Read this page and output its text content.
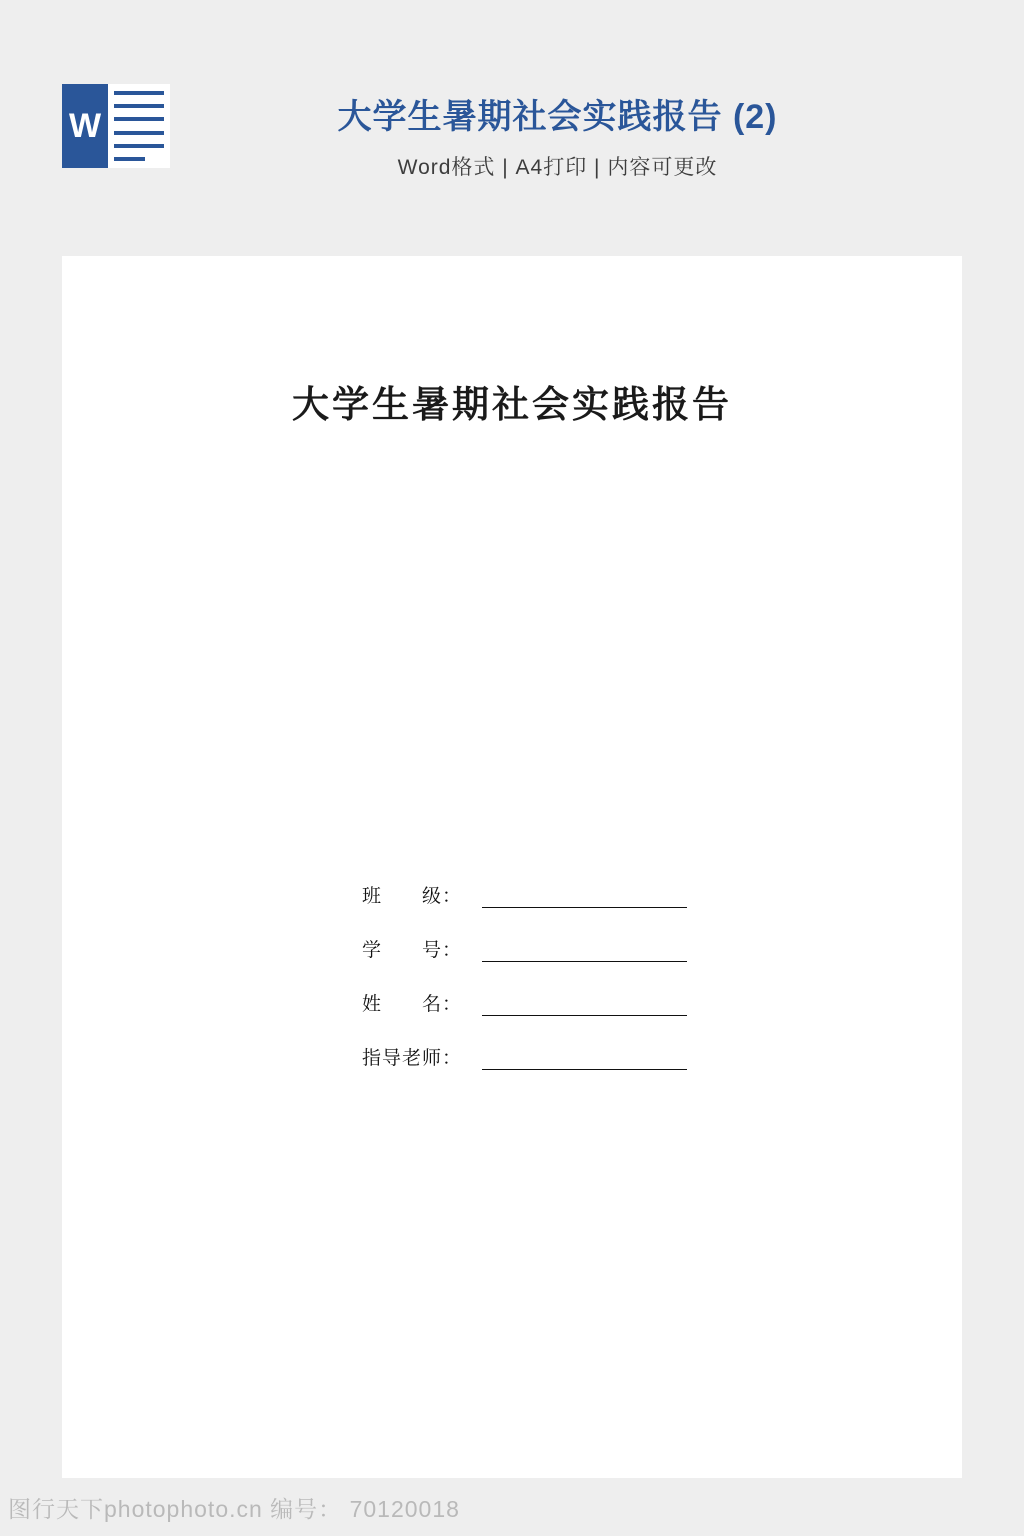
W	大学生暑期社会实践报告 (2)
Word格式 | A4打印 | 内容可更改
大学生暑期社会实践报告
班　　级：
学　　号：
姓　　名：
指导老师：
图行天下photophoto.cn 编号： 70120018
